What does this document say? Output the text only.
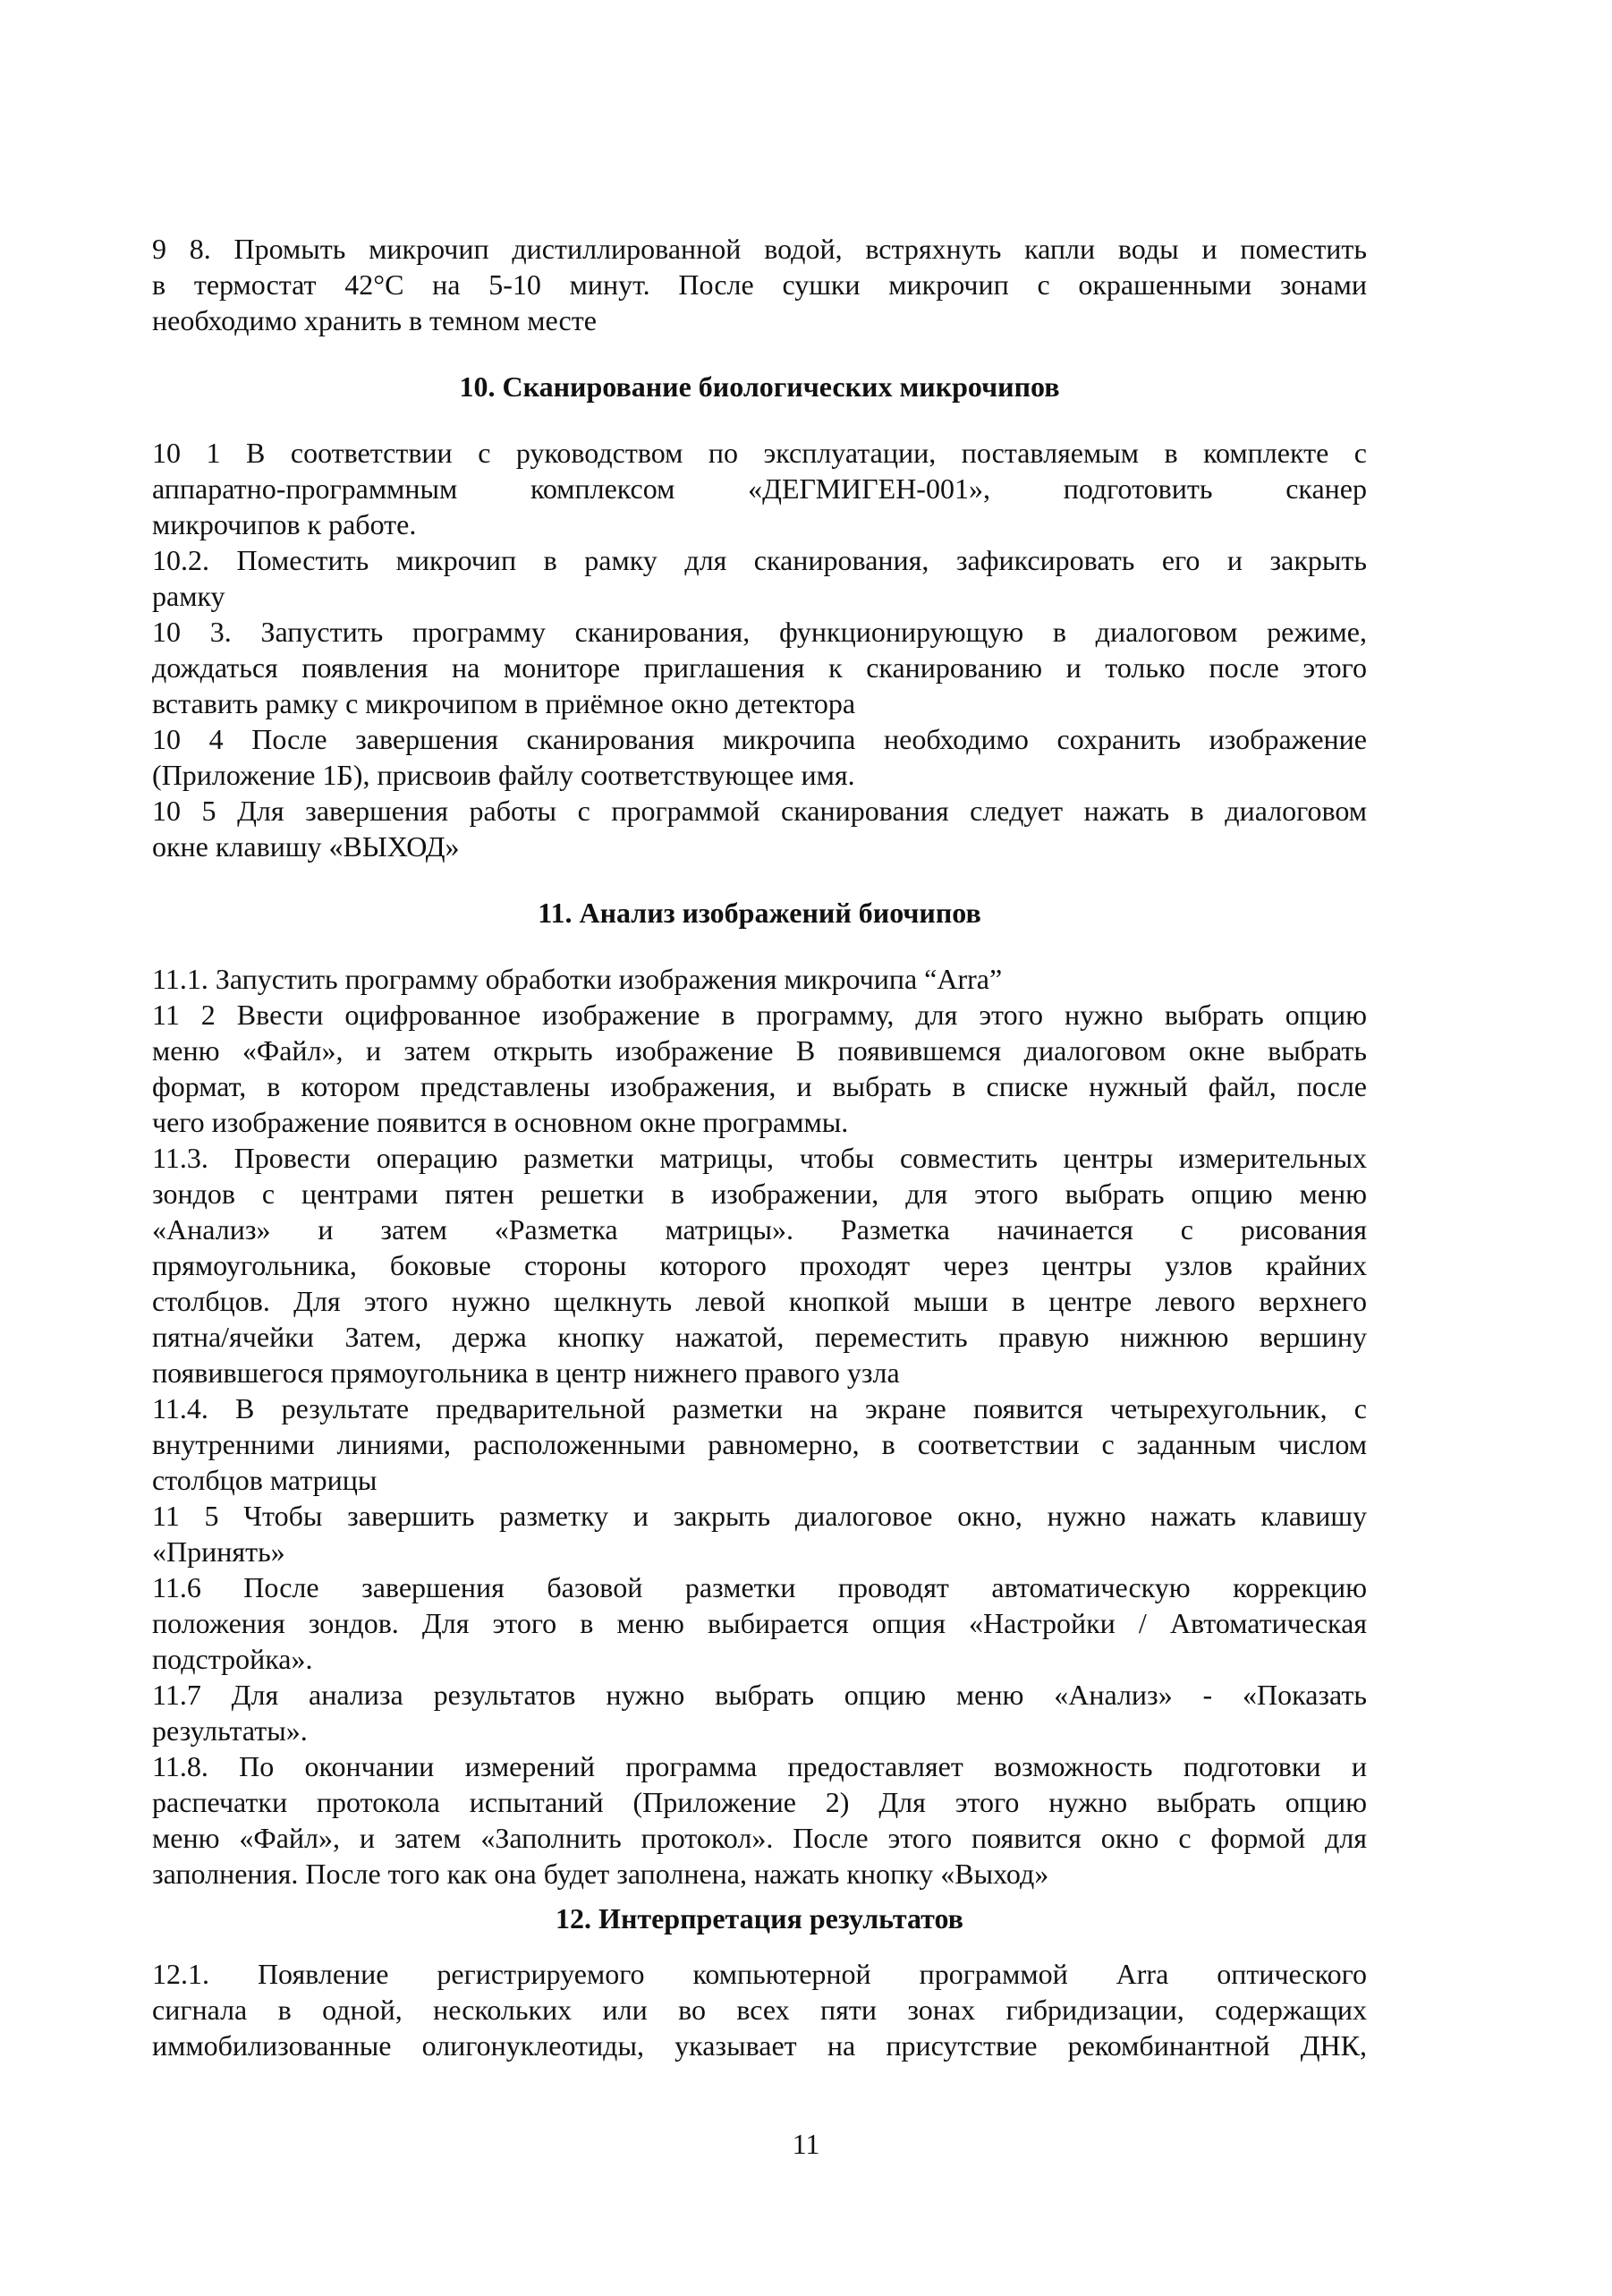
9 8. Промыть микрочип дистиллированной водой, встряхнуть капли воды и поместить
в термостат 42°С на 5-10 минут. После сушки микрочип с окрашенными зонами
необходимо хранить в темном месте

10. Сканирование биологических микрочипов

10 1 В соответствии с руководством по эксплуатации, поставляемым в комплекте с
аппаратно-программным комплексом «ДЕГМИГЕН-001», подготовить сканер
микрочипов к работе.

10.2. Поместить микрочип в рамку для сканирования, зафиксировать его и закрыть
рамку

10 3. Запустить программу сканирования, функционирующую в диалоговом режиме,
дождаться появления на мониторе приглашения к сканированию и только после этого
вставить рамку с микрочипом в приёмное окно детектора

10 4 После завершения сканирования микрочипа необходимо сохранить изображение
(Приложение 1Б), присвоив файлу соответствующее имя.

10 5 Для завершения работы с программой сканирования следует нажать в диалоговом
окне клавишу «ВЫХОД»

11. Анализ изображений биочипов

11.1. Запустить программу обработки изображения микрочипа “Arra”

11 2 Ввести оцифрованное изображение в программу, для этого нужно выбрать опцию
меню «Файл», и затем открыть изображение В появившемся диалоговом окне выбрать
формат, в котором представлены изображения, и выбрать в списке нужный файл, после
чего изображение появится в основном окне программы.

11.3. Провести операцию разметки матрицы, чтобы совместить центры измерительных
зондов с центрами пятен решетки в изображении, для этого выбрать опцию меню
«Анализ» и затем «Разметка матрицы». Разметка начинается с рисования
прямоугольника, боковые стороны которого проходят через центры узлов крайних
столбцов. Для этого нужно щелкнуть левой кнопкой мыши в центре левого верхнего
пятна/ячейки Затем, держа кнопку нажатой, переместить правую нижнюю вершину
появившегося прямоугольника в центр нижнего правого узла

11.4. В результате предварительной разметки на экране появится четырехугольник, с
внутренними линиями, расположенными равномерно, в соответствии с заданным числом
столбцов матрицы

11 5 Чтобы завершить разметку и закрыть диалоговое окно, нужно нажать клавишу
«Принять»

11.6 После завершения базовой разметки проводят автоматическую коррекцию
положения зондов. Для этого в меню выбирается опция «Настройки / Автоматическая
подстройка».

11.7 Для анализа результатов нужно выбрать опцию меню «Анализ» - «Показать
результаты».

11.8. По окончании измерений программа предоставляет возможность подготовки и
распечатки протокола испытаний (Приложение 2) Для этого нужно выбрать опцию
меню «Файл», и затем «Заполнить протокол». После этого появится окно с формой для
заполнения. После того как она будет заполнена, нажать кнопку «Выход»

12. Интерпретация результатов

12.1. Появление регистрируемого компьютерной программой Arra оптического
сигнала в одной, нескольких или во всех пяти зонах гибридизации, содержащих
иммобилизованные олигонуклеотиды, указывает на присутствие рекомбинантной ДНК,

11
